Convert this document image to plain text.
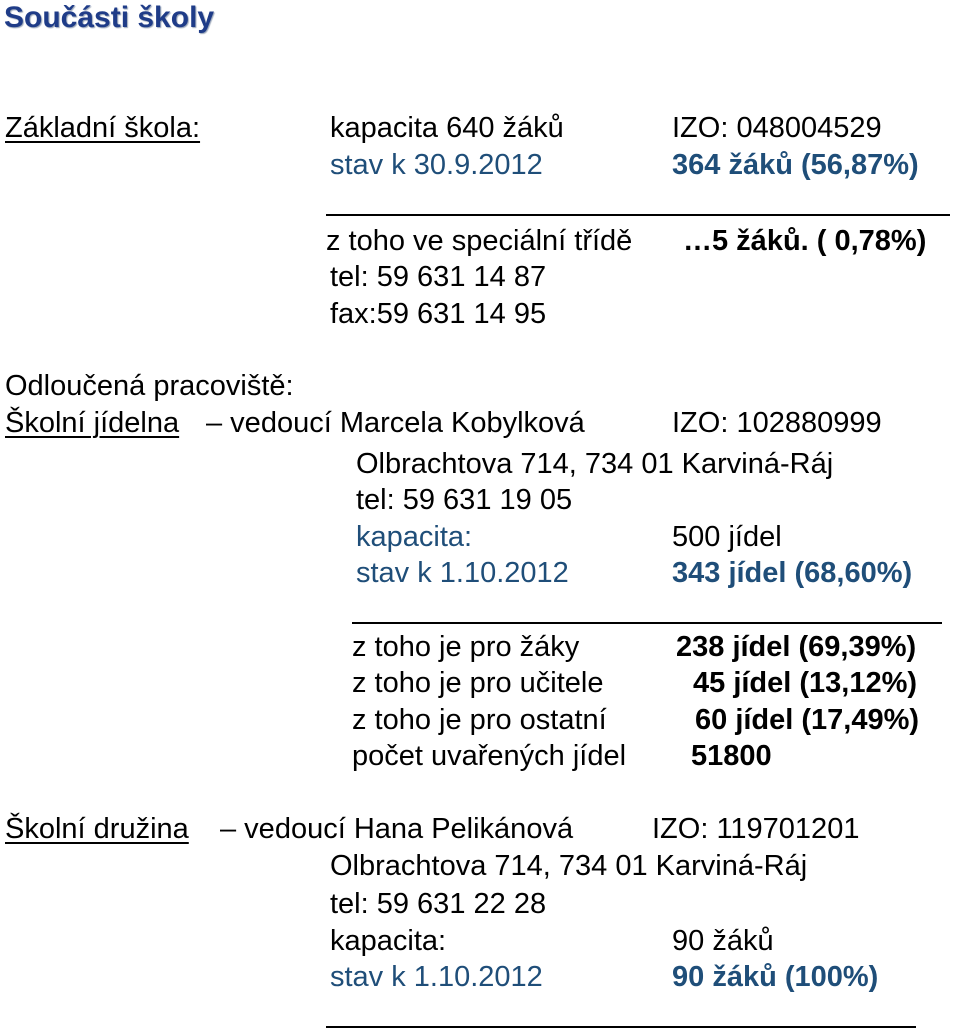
Součásti školy
Základní škola:	kapacita 640 žáků	IZO: 048004529
stav k 30.9.2012	364 žáků (56,87%)
z toho ve speciální třídě …5 žáků. ( 0,78%)
tel: 59 631 14 87
fax:59 631 14 95
Odloučená pracoviště:
Školní jídelna – vedoucí Marcela Kobylková	IZO: 102880999
Olbrachtova 714, 734 01 Karviná-Ráj
tel: 59 631 19 05
kapacita:	500 jídel
stav k 1.10.2012	343 jídel (68,60%)
z toho je pro žáky	238 jídel (69,39%)
z toho je pro učitele	45 jídel (13,12%)
z toho je pro ostatní	60 jídel (17,49%)
počet uvařených jídel 51800
Školní družina – vedoucí Hana Pelikánová	IZO: 119701201
Olbrachtova 714, 734 01 Karviná-Ráj
tel: 59 631 22 28
kapacita:	90 žáků
stav k 1.10.2012	90 žáků (100%)
